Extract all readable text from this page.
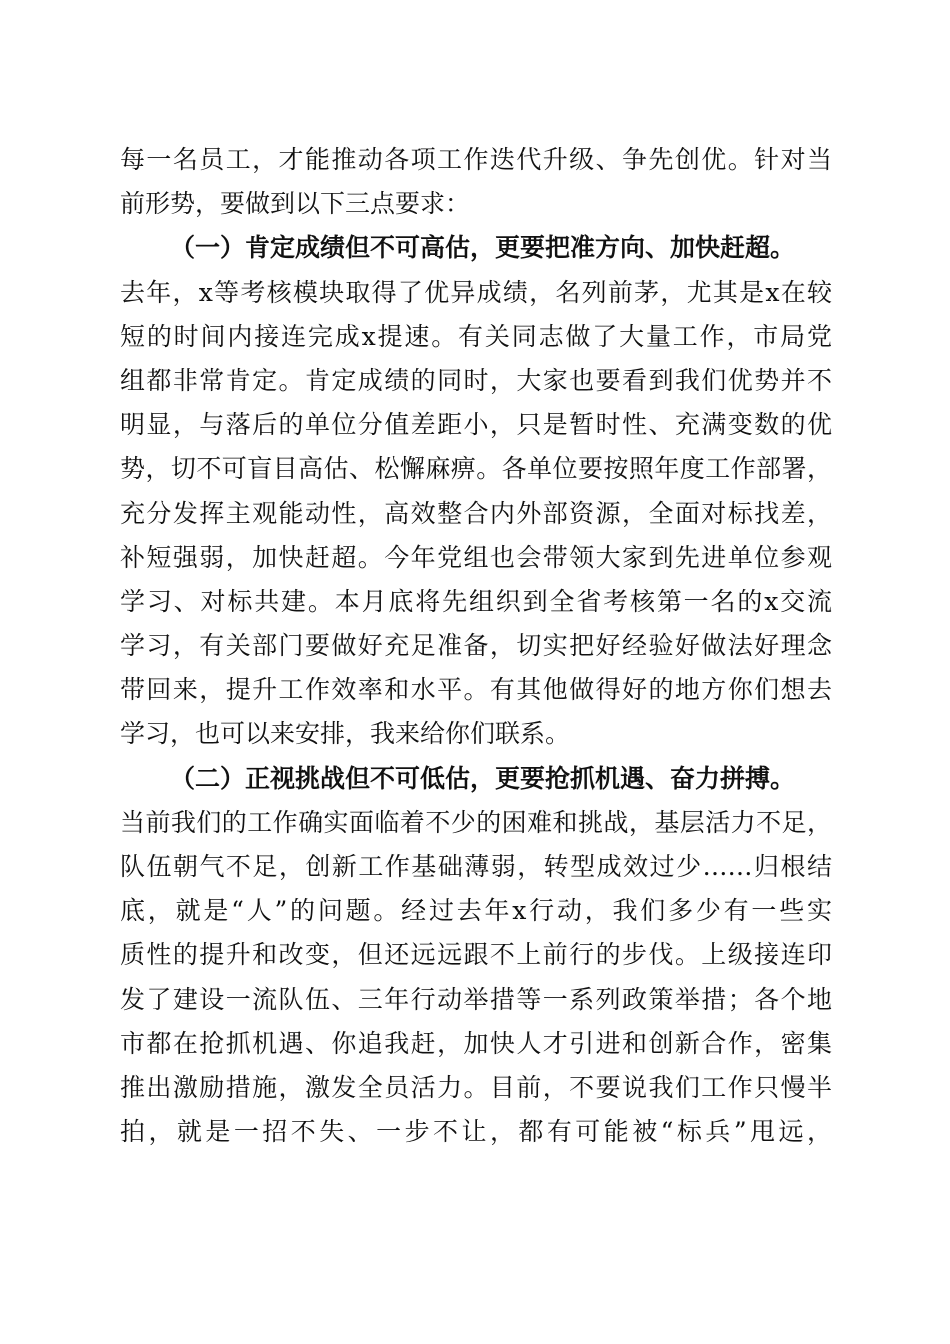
每一名员工，才能推动各项工作迭代升级、争先创优。针对当
前形势，要做到以下三点要求：
（一）肯定成绩但不可高估，更要把准方向、加快赶超。
去年，x等考核模块取得了优异成绩，名列前茅，尤其是x在较
短的时间内接连完成x提速。有关同志做了大量工作，市局党
组都非常肯定。肯定成绩的同时，大家也要看到我们优势并不
明显，与落后的单位分值差距小，只是暂时性、充满变数的优
势，切不可盲目高估、松懈麻痹。各单位要按照年度工作部署，
充分发挥主观能动性，高效整合内外部资源，全面对标找差，
补短强弱，加快赶超。今年党组也会带领大家到先进单位参观
学习、对标共建。本月底将先组织到全省考核第一名的x交流
学习，有关部门要做好充足准备，切实把好经验好做法好理念
带回来，提升工作效率和水平。有其他做得好的地方你们想去
学习，也可以来安排，我来给你们联系。
（二）正视挑战但不可低估，更要抢抓机遇、奋力拼搏。
当前我们的工作确实面临着不少的困难和挑战，基层活力不足，
队伍朝气不足，创新工作基础薄弱，转型成效过少……归根结
底，就是“人”的问题。经过去年x行动，我们多少有一些实
质性的提升和改变，但还远远跟不上前行的步伐。上级接连印
发了建设一流队伍、三年行动举措等一系列政策举措；各个地
市都在抢抓机遇、你追我赶，加快人才引进和创新合作，密集
推出激励措施，激发全员活力。目前，不要说我们工作只慢半
拍，就是一招不失、一步不让，都有可能被“标兵”甩远，
